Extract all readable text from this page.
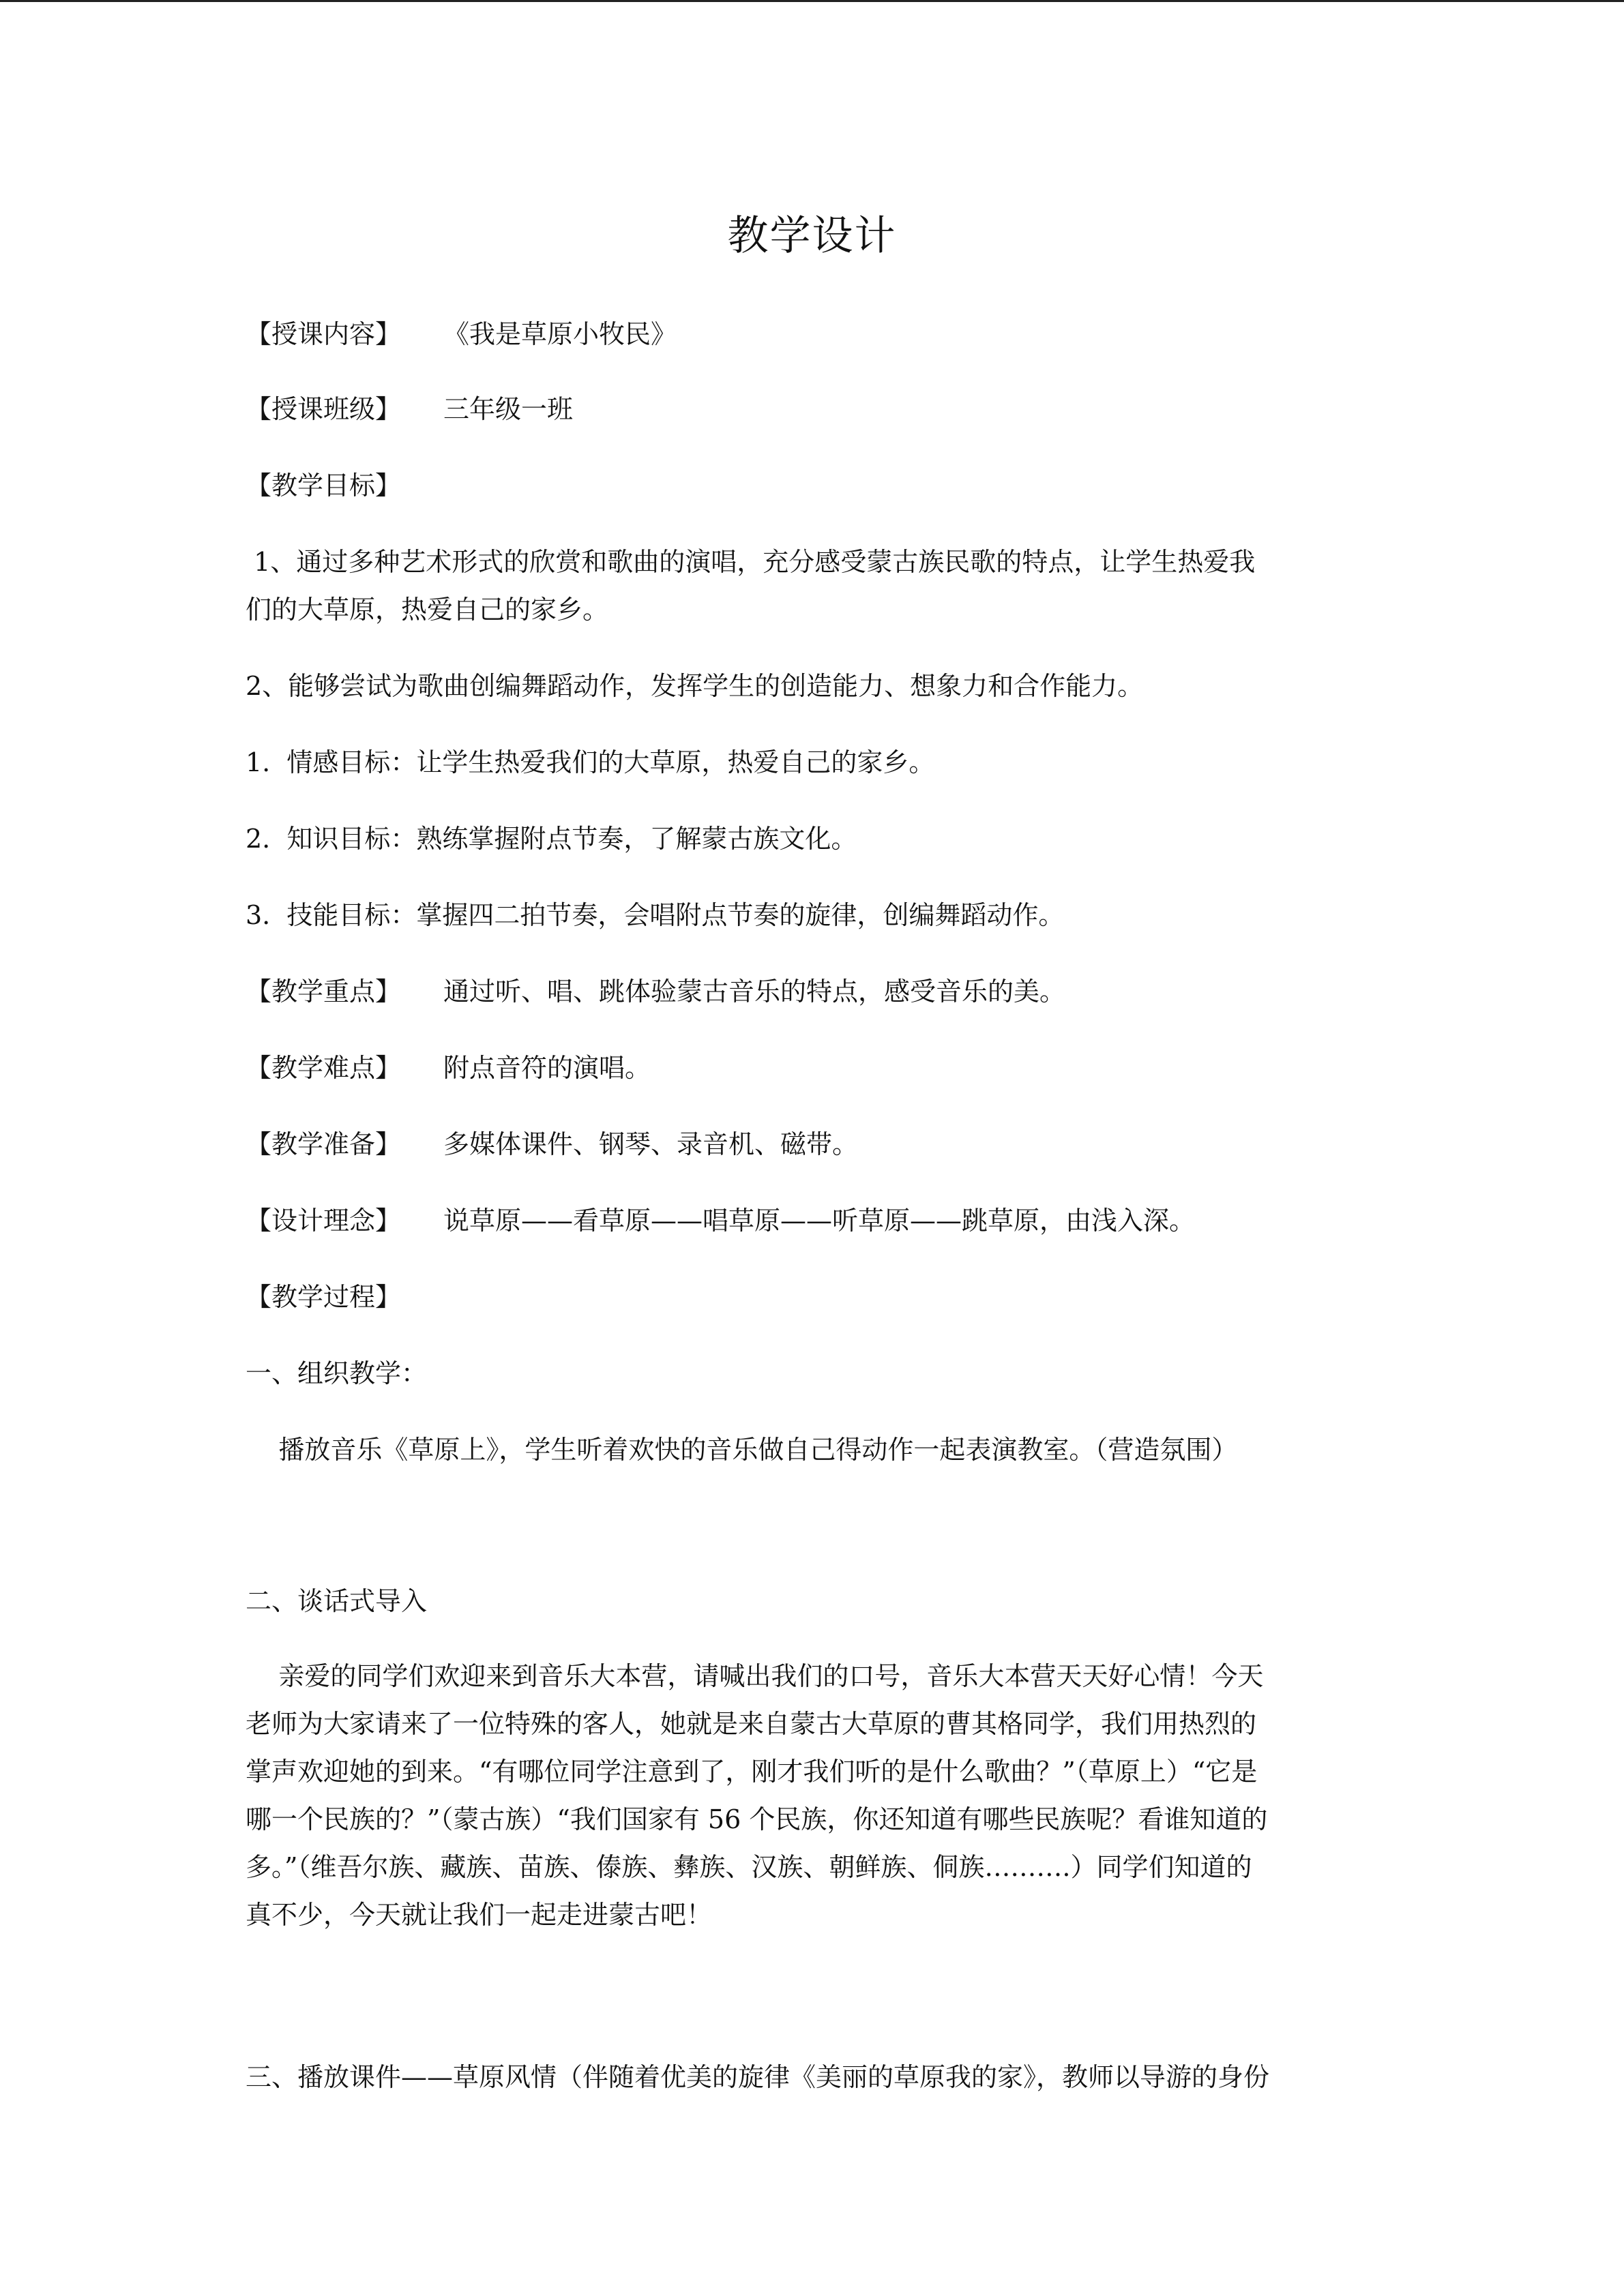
教学设计
【授课内容】 《我是草原小牧民》
【授课班级】 三年级一班
【教学目标】
1、通过多种艺术形式的欣赏和歌曲的演唱，充分感受蒙古族民歌的特点，让学生热爱我
们的大草原，热爱自己的家乡。
2、能够尝试为歌曲创编舞蹈动作，发挥学生的创造能力、想象力和合作能力。
1.  情感目标：让学生热爱我们的大草原，热爱自己的家乡。
2.  知识目标：熟练掌握附点节奏，了解蒙古族文化。
3.  技能目标：掌握四二拍节奏，会唱附点节奏的旋律，创编舞蹈动作。
【教学重点】 通过听、唱、跳体验蒙古音乐的特点，感受音乐的美。
【教学难点】 附点音符的演唱。
【教学准备】 多媒体课件、钢琴、录音机、磁带。
【设计理念】 说草原——看草原——唱草原——听草原——跳草原，由浅入深。
【教学过程】
一、组织教学：
播放音乐《草原上》，学生听着欢快的音乐做自己得动作一起表演教室。（营造氛围）
二、谈话式导入
亲爱的同学们欢迎来到音乐大本营，请喊出我们的口号，音乐大本营天天好心情！今天
老师为大家请来了一位特殊的客人，她就是来自蒙古大草原的曹其格同学，我们用热烈的
掌声欢迎她的到来。“有哪位同学注意到了，刚才我们听的是什么歌曲？”（草原上）“它是
哪一个民族的？”（蒙古族）“我们国家有 56 个民族，你还知道有哪些民族呢？看谁知道的
多。”（维吾尔族、藏族、苗族、傣族、彝族、汉族、朝鲜族、侗族……….）同学们知道的
真不少，今天就让我们一起走进蒙古吧！
三、播放课件——草原风情（伴随着优美的旋律《美丽的草原我的家》，教师以导游的身份
